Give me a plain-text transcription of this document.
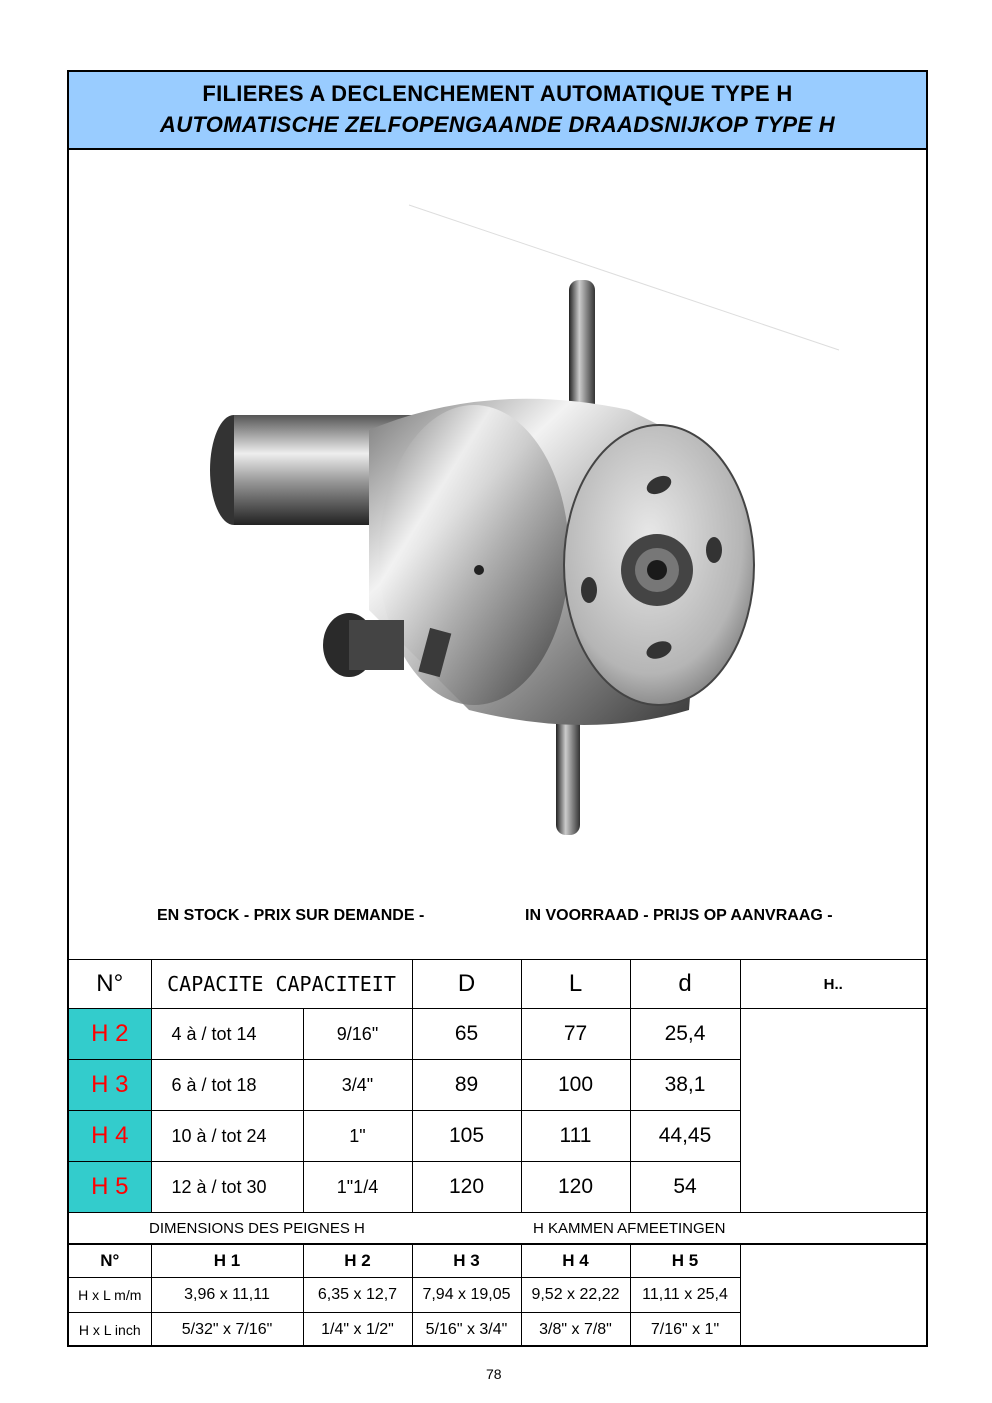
FILIERES A DECLENCHEMENT AUTOMATIQUE TYPE H
AUTOMATISCHE ZELFOPENGAANDE DRAADSNIJKOP TYPE H
EN STOCK - PRIX SUR DEMANDE -	IN VOORRAAD - PRIJS OP AANVRAAG -
N°	CAPACITE CAPACITEIT		D	L	d	H..
H 2	4 à / tot 14	9/16"	65	77	25,4	
H 3	6 à / tot 18	3/4"	89	100	38,1	
H 4	10 à / tot 24	1"	105	111	44,45	
H 5	12 à / tot 30	1"1/4	120	120	54	
DIMENSIONS DES PEIGNES H	H KAMMEN AFMEETINGEN
N°	H 1	H 2	H 3	H 4	H 5	
H x L m/m	3,96 x 11,11	6,35 x 12,7	7,94 x 19,05	9,52 x 22,22	11,11 x 25,4	
H x L inch	5/32" x 7/16"	1/4" x 1/2"	5/16" x 3/4"	3/8" x 7/8"	7/16" x 1"	
78
